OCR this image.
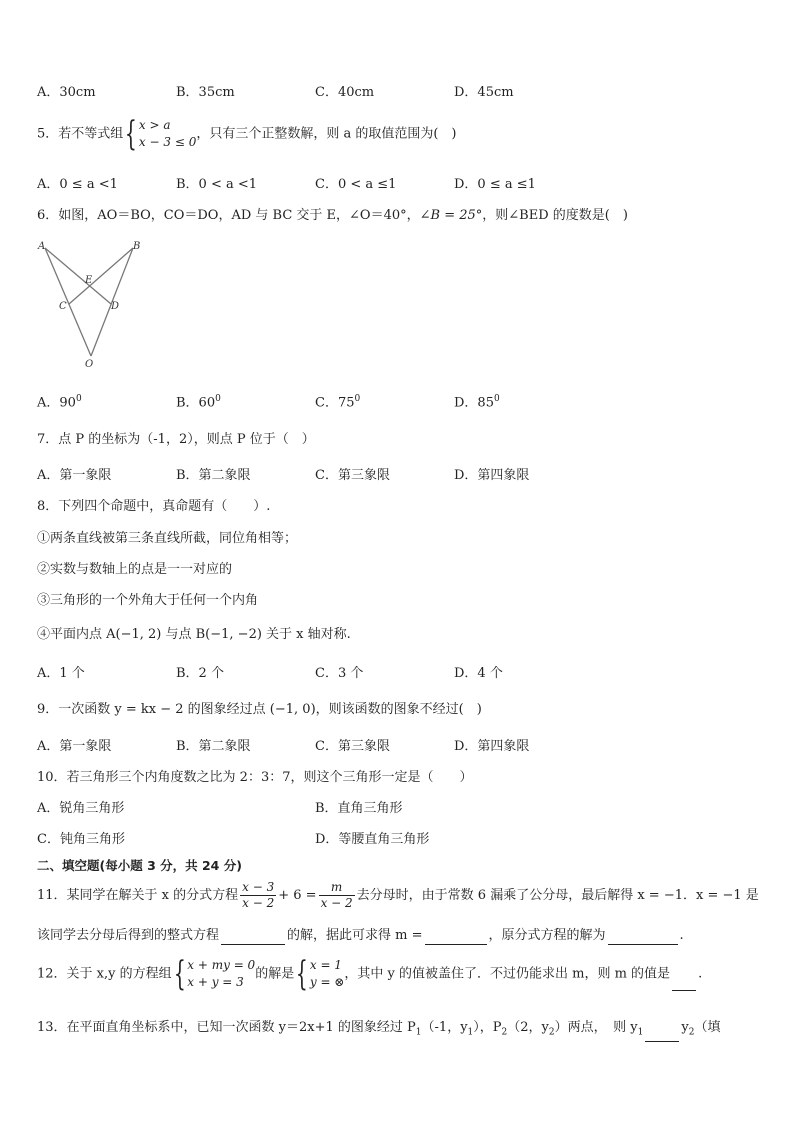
A．30cm	B．35cm	C．40cm	D．45cm
5．若不等式组{ x > a
x − 3 ≤ 0，只有三个正整数解，则 a 的取值范围为(　)
A．0 ≤ a <1	B．0 < a <1	C．0 < a ≤1	D．0 ≤ a ≤1
6．如图，AO＝BO，CO＝DO，AD 与 BC 交于 E，∠O＝40°，∠B = 25°，则∠BED 的度数是(　)
A	B
E
C	D
O
A．$90^0$	B．$60^0$	C．$75^0$	D．$85^0$
7．点 P 的坐标为（-1，2），则点 P 位于（　）
A．第一象限	B．第二象限	C．第三象限	D．第四象限
8．下列四个命题中，真命题有（　　）.
①两条直线被第三条直线所截，同位角相等；
②实数与数轴上的点是一一对应的
③三角形的一个外角大于任何一个内角
④平面内点 A(−1, 2) 与点 B(−1, −2) 关于 x 轴对称.
A．1 个	B．2 个	C．3 个	D．4 个
9．一次函数 y = kx − 2 的图象经过点 (−1, 0)，则该函数的图象不经过(　)
A．第一象限	B．第二象限	C．第三象限	D．第四象限
10．若三角形三个内角度数之比为 2：3：7，则这个三角形一定是（　　）
A．锐角三角形	B．直角三角形
C．钝角三角形	D．等腰直角三角形
二、填空题(每小题 3 分，共 24 分)
11．某同学在解关于 x 的分式方程 $\frac{x - 3}{x - 2} + 6 = \frac{m}{x - 2}$ 去分母时，由于常数 6 漏乘了公分母，最后解得 x = −1．x = −1 是
该同学去分母后得到的整式方程	的解，据此可求得 m =	，原分式方程的解为	.
12．关于 x,y 的方程组{ x + my = 0
x + y = 3的解是{ x = 1
y = ⊗，其中 y 的值被盖住了．不过仍能求出 m，则 m 的值是 .
13．在平面直角坐标系中，已知一次函数 y＝2x+1 的图象经过 $P_1(-1$，$y_1$），$P_2(2$，$y_2$）两点，　则 $y_1$	$y_2$（填
